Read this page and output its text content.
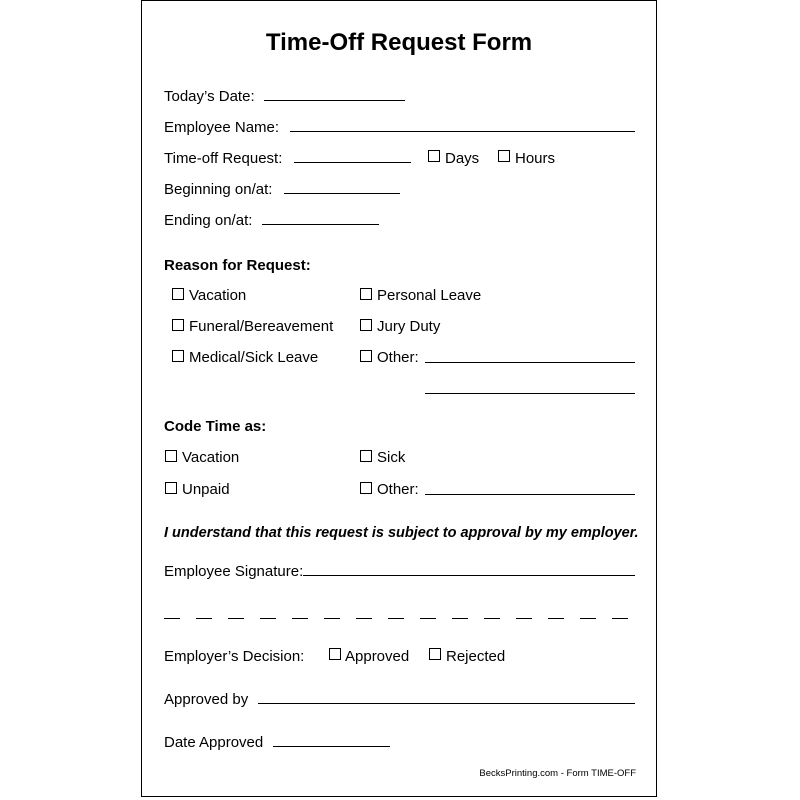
Time-Off Request Form
Today’s Date:
Employee Name:
Time-off Request:	Days Hours
Beginning on/at:
Ending on/at:
Reason for Request:
Vacation	Personal Leave
Funeral/Bereavement	Jury Duty
Medical/Sick Leave	Other:
Code Time as:
Vacation	Sick
Unpaid	Other:
I understand that this request is subject to approval by my employer.
Employee Signature:
Employer’s Decision:	Approved Rejected
Approved by
Date Approved
BecksPrinting.com - Form TIME-OFF
